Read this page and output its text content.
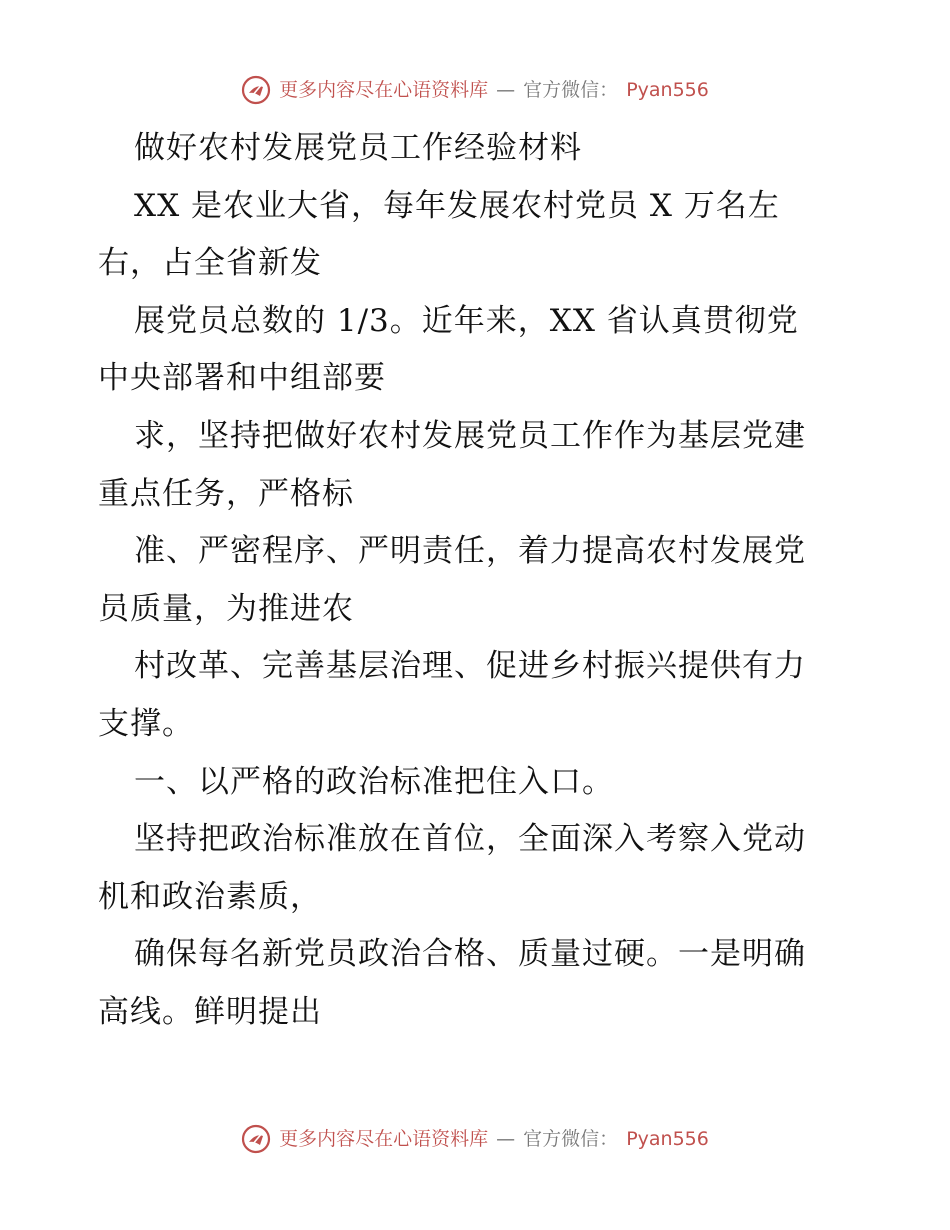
更多内容尽在心语资料库 — 官方微信： Pyan556
做好农村发展党员工作经验材料
XX 是农业大省，每年发展农村党员 X 万名左
右，占全省新发
展党员总数的 1/3。近年来，XX 省认真贯彻党
中央部署和中组部要
求，坚持把做好农村发展党员工作作为基层党建
重点任务，严格标
准、严密程序、严明责任，着力提高农村发展党
员质量，为推进农
村改革、完善基层治理、促进乡村振兴提供有力
支撑。
一、以严格的政治标准把住入口。
坚持把政治标准放在首位，全面深入考察入党动
机和政治素质，
确保每名新党员政治合格、质量过硬。一是明确
高线。鲜明提出
更多内容尽在心语资料库 — 官方微信： Pyan556
